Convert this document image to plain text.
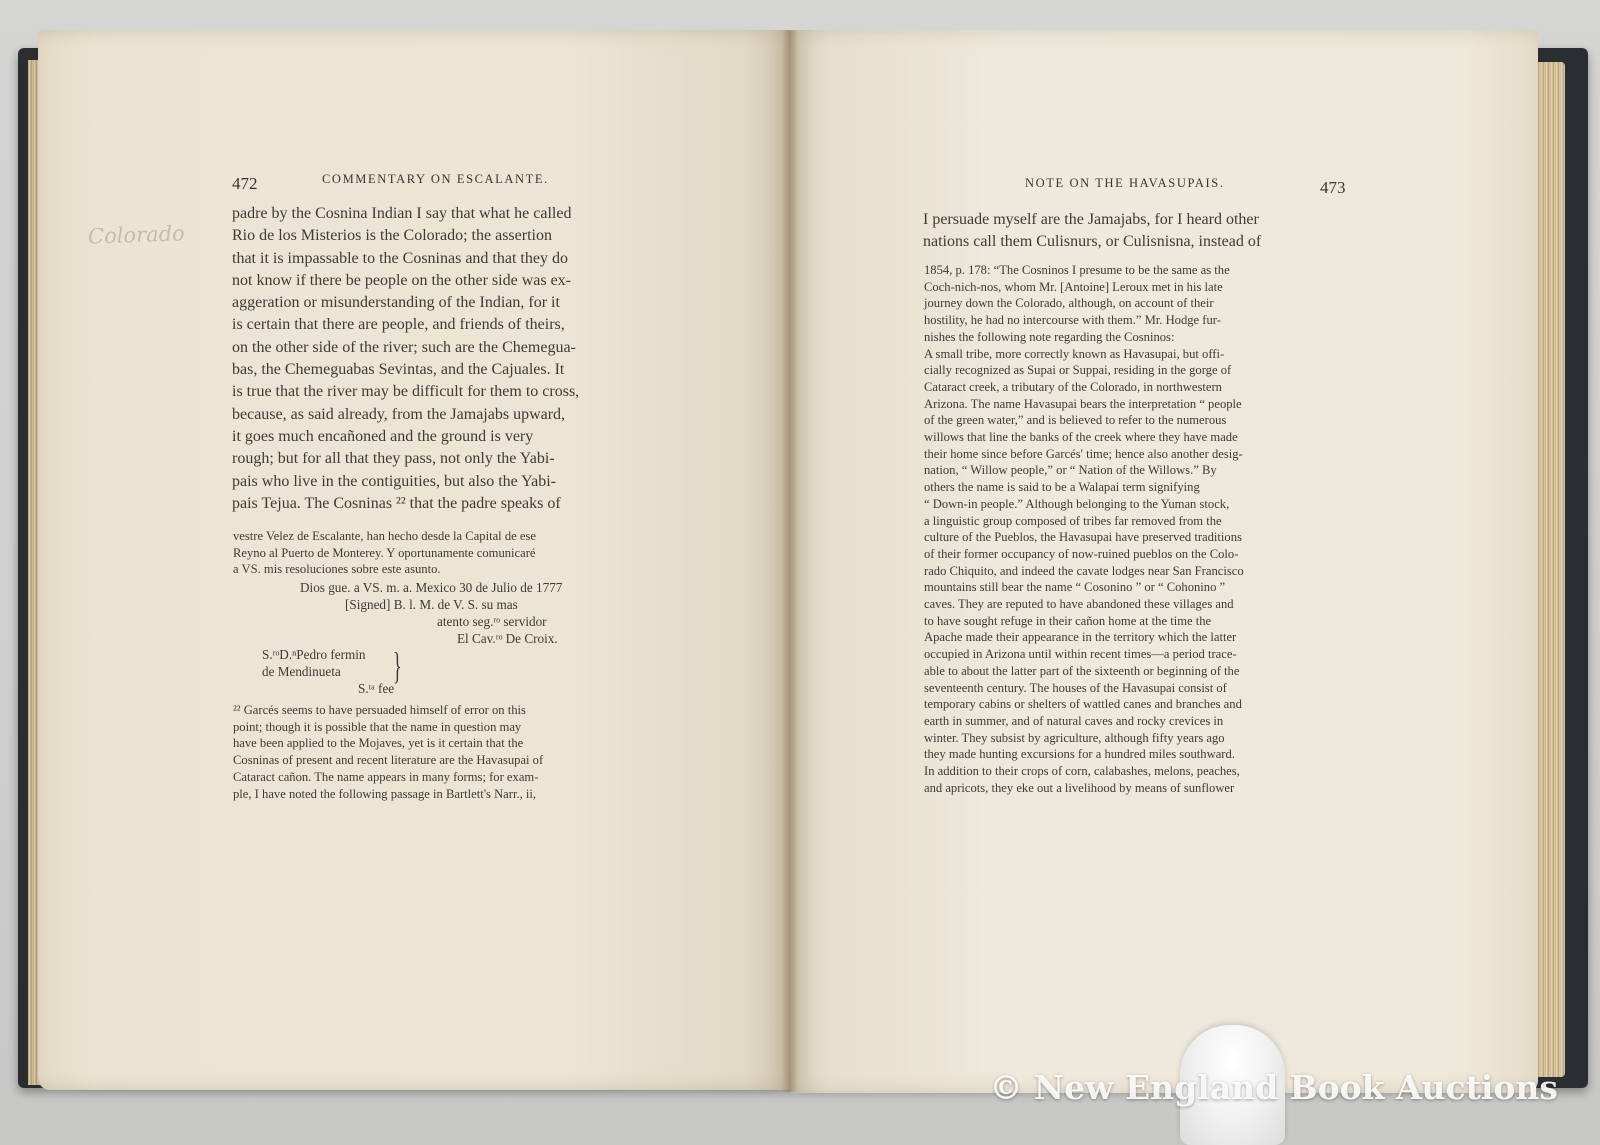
Colorado
472	COMMENTARY ON ESCALANTE.
padre by the Cosnina Indian I say that what he called
Rio de los Misterios is the Colorado; the assertion
that it is impassable to the Cosninas and that they do
not know if there be people on the other side was ex-
aggeration or misunderstanding of the Indian, for it
is certain that there are people, and friends of theirs,
on the other side of the river; such are the Chemegua-
bas, the Chemeguabas Sevintas, and the Cajuales. It
is true that the river may be difficult for them to cross,
because, as said already, from the Jamajabs upward,
it goes much encañoned and the ground is very
rough; but for all that they pass, not only the Yabi-
pais who live in the contiguities, but also the Yabi-
pais Tejua. The Cosninas ²² that the padre speaks of
vestre Velez de Escalante, han hecho desde la Capital de ese
Reyno al Puerto de Monterey. Y oportunamente comunicaré
a VS. mis resoluciones sobre este asunto.
Dios gue. a VS. m. a. Mexico 30 de Julio de 1777
[Signed] B. l. M. de V. S. su mas
atento seg.ʳᵒ servidor
El Cav.ʳᵒ De Croix.
S.ʳᵒD.ⁿPedro fermin
de Mendinueta
S.ᵗᵃ fee
}
²² Garcés seems to have persuaded himself of error on this
point; though it is possible that the name in question may
have been applied to the Mojaves, yet is it certain that the
Cosninas of present and recent literature are the Havasupai of
Cataract cañon. The name appears in many forms; for exam-
ple, I have noted the following passage in Bartlett's Narr., ii,
NOTE ON THE HAVASUPAIS.	473
I persuade myself are the Jamajabs, for I heard other
nations call them Culisnurs, or Culisnisna, instead of
1854, p. 178: “The Cosninos I presume to be the same as the
Coch-nich-nos, whom Mr. [Antoine] Leroux met in his late
journey down the Colorado, although, on account of their
hostility, he had no intercourse with them.” Mr. Hodge fur-
nishes the following note regarding the Cosninos:
A small tribe, more correctly known as Havasupai, but offi-
cially recognized as Supai or Suppai, residing in the gorge of
Cataract creek, a tributary of the Colorado, in northwestern
Arizona. The name Havasupai bears the interpretation “ people
of the green water,” and is believed to refer to the numerous
willows that line the banks of the creek where they have made
their home since before Garcés' time; hence also another desig-
nation, “ Willow people,” or “ Nation of the Willows.” By
others the name is said to be a Walapai term signifying
“ Down-in people.” Although belonging to the Yuman stock,
a linguistic group composed of tribes far removed from the
culture of the Pueblos, the Havasupai have preserved traditions
of their former occupancy of now-ruined pueblos on the Colo-
rado Chiquito, and indeed the cavate lodges near San Francisco
mountains still bear the name “ Cosonino ” or “ Cohonino ”
caves. They are reputed to have abandoned these villages and
to have sought refuge in their cañon home at the time the
Apache made their appearance in the territory which the latter
occupied in Arizona until within recent times—a period trace-
able to about the latter part of the sixteenth or beginning of the
seventeenth century. The houses of the Havasupai consist of
temporary cabins or shelters of wattled canes and branches and
earth in summer, and of natural caves and rocky crevices in
winter. They subsist by agriculture, although fifty years ago
they made hunting excursions for a hundred miles southward.
In addition to their crops of corn, calabashes, melons, peaches,
and apricots, they eke out a livelihood by means of sunflower
© New England Book Auctions
